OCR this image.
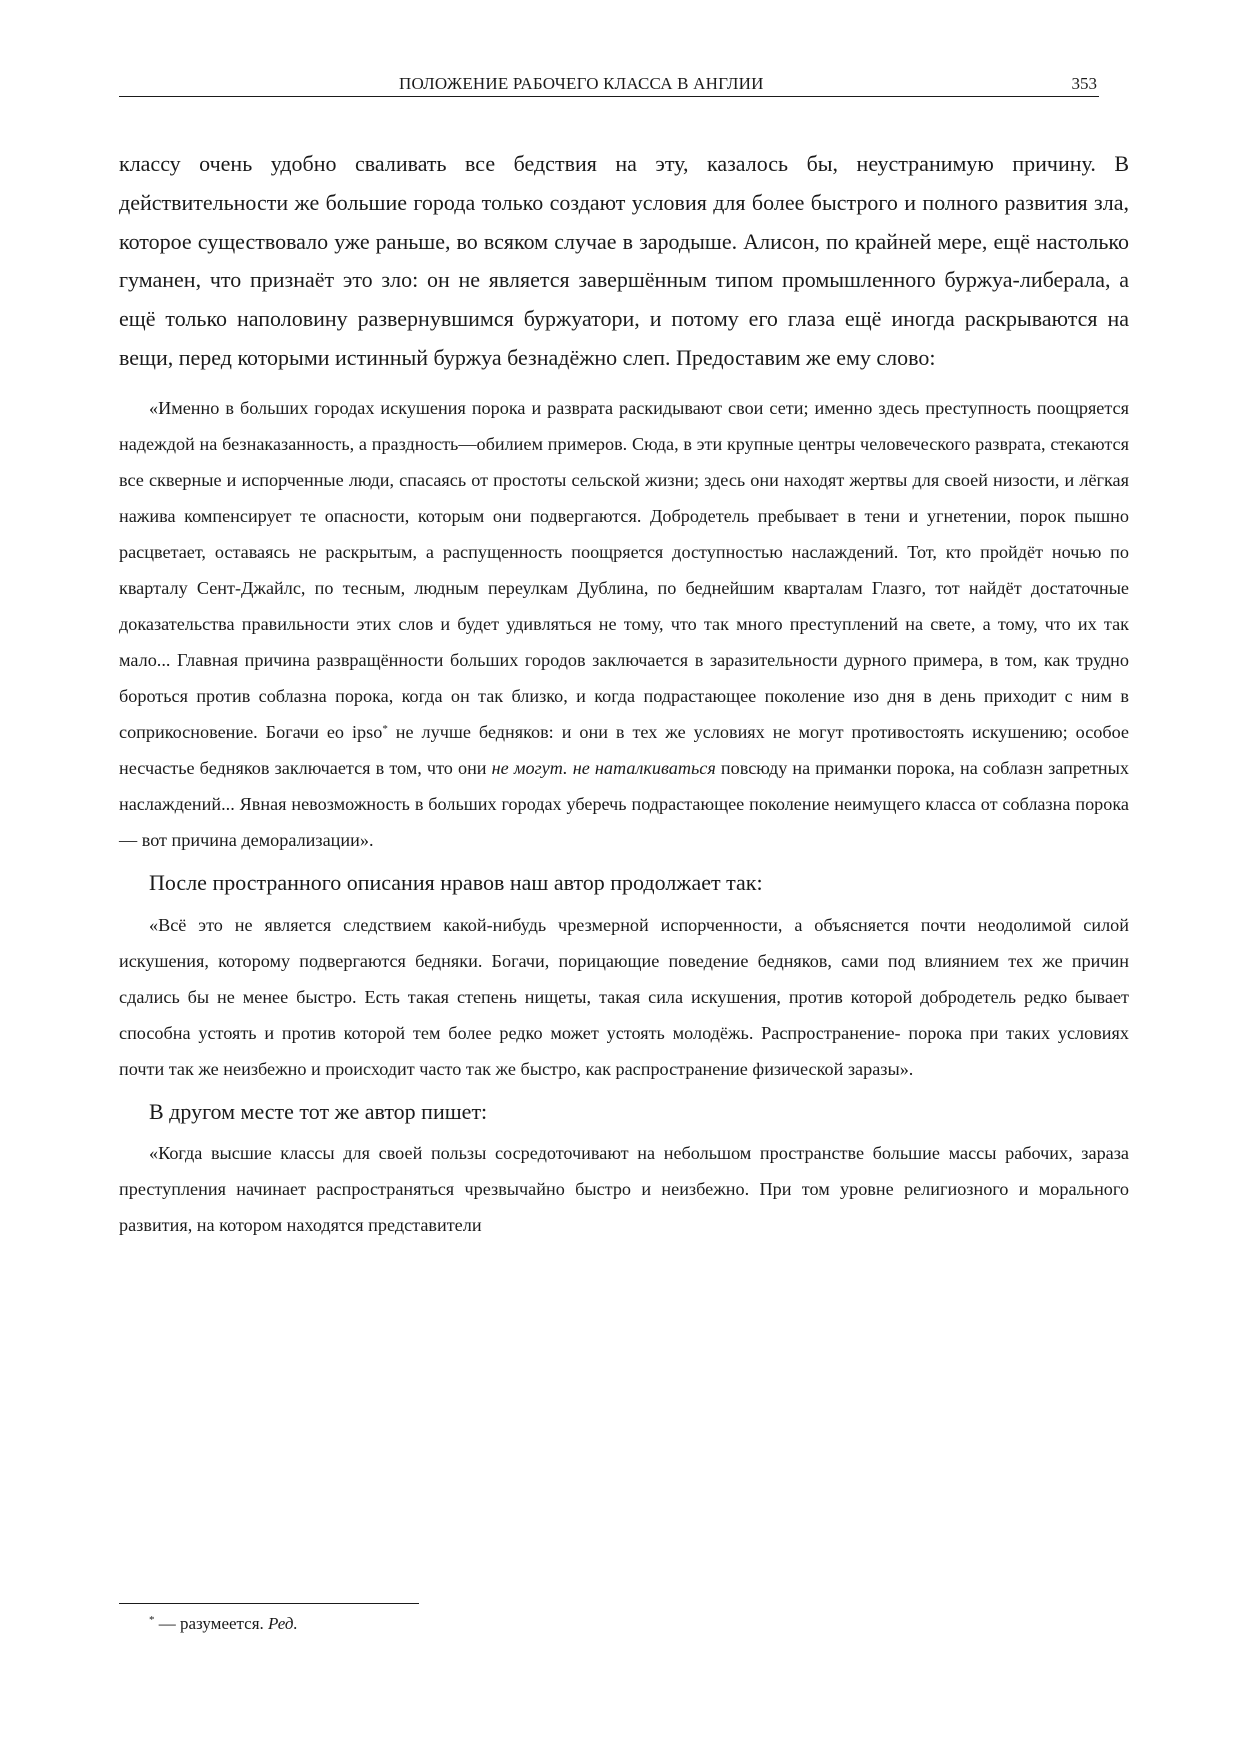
ПОЛОЖЕНИЕ РАБОЧЕГО КЛАССА В АНГЛИИ	353

классу очень удобно сваливать все бедствия на эту, казалось бы, неустранимую причину. В действительности же большие города только создают условия для более быстрого и полного развития зла, которое существовало уже раньше, во всяком случае в зародыше. Алисон, по крайней мере, ещё настолько гуманен, что признаёт это зло: он не является завершённым типом промышленного буржуа-либерала, а ещё только наполовину развернувшимся буржуатори, и потому его глаза ещё иногда раскрываются на вещи, перед которыми истинный буржуа безнадёжно слеп. Предоставим же ему слово:

«Именно в больших городах искушения порока и разврата раскидывают свои сети; именно здесь преступность поощряется надеждой на безнаказанность, а праздность—обилием примеров. Сюда, в эти крупные центры человеческого разврата, стекаются все скверные и испорченные люди, спасаясь от простоты сельской жизни; здесь они находят жертвы для своей низости, и лёгкая нажива компенсирует те опасности, которым они подвергаются. Добродетель пребывает в тени и угнетении, порок пышно расцветает, оставаясь не раскрытым, а распущенность поощряется доступностью наслаждений. Тот, кто пройдёт ночью по кварталу Сент-Джайлс, по тесным, людным переулкам Дублина, по беднейшим кварталам Глазго, тот найдёт достаточные доказательства правильности этих слов и будет удивляться не тому, что так много преступлений на свете, а тому, что их так мало... Главная причина развращённости больших городов заключается в заразительности дурного примера, в том, как трудно бороться против соблазна порока, когда он так близко, и когда подрастающее поколение изо дня в день приходит с ним в соприкосновение. Богачи ео ipso* не лучше бедняков: и они в тех же условиях не могут противостоять искушению; особое несчастье бедняков заключается в том, что они не могут. не наталкиваться повсюду на приманки порока, на соблазн запретных наслаждений... Явная невозможность в больших городах уберечь подрастающее поколение неимущего класса от соблазна порока — вот причина деморализации».

После пространного описания нравов наш автор продолжает так:

«Всё это не является следствием какой-нибудь чрезмерной испорченности, а объясняется почти неодолимой силой искушения, которому подвергаются бедняки. Богачи, порицающие поведение бедняков, сами под влиянием тех же причин сдались бы не менее быстро. Есть такая степень нищеты, такая сила искушения, против которой добродетель редко бывает способна устоять и против которой тем более редко может устоять молодёжь. Распространение- порока при таких условиях почти так же неизбежно и происходит часто так же быстро, как распространение физической заразы».

В другом месте тот же автор пишет:

«Когда высшие классы для своей пользы сосредоточивают на небольшом пространстве большие массы рабочих, зараза преступления начинает распространяться чрезвычайно быстро и неизбежно. При том уровне религиозного и морального развития, на котором находятся представители

* — разумеется. Ред.
